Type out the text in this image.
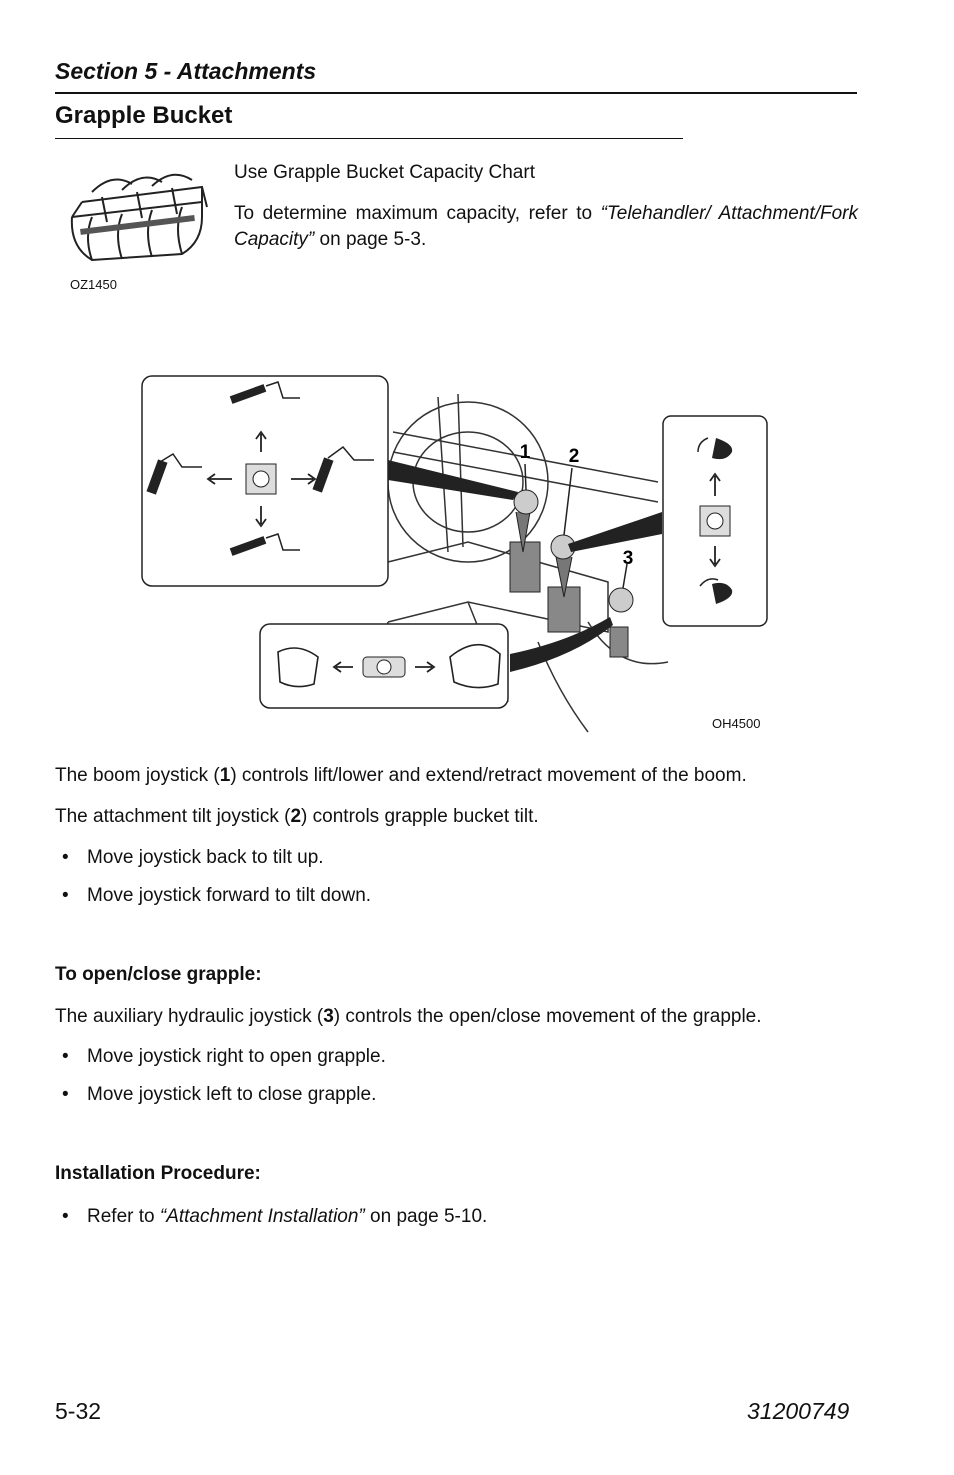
Section 5 - Attachments
Grapple Bucket
OZ1450
Use Grapple Bucket Capacity Chart
To determine maximum capacity, refer to “Telehandler/ Attachment/Fork Capacity” on page 5-3.
1 2
3
OH4500
The boom joystick (1) controls lift/lower and extend/retract movement of the boom.
The attachment tilt joystick (2) controls grapple bucket tilt.
• Move joystick back to tilt up.
• Move joystick forward to tilt down.
To open/close grapple:
The auxiliary hydraulic joystick (3) controls the open/close movement of the grapple.
• Move joystick right to open grapple.
• Move joystick left to close grapple.
Installation Procedure:
• Refer to “Attachment Installation” on page 5-10.
5-32	31200749
